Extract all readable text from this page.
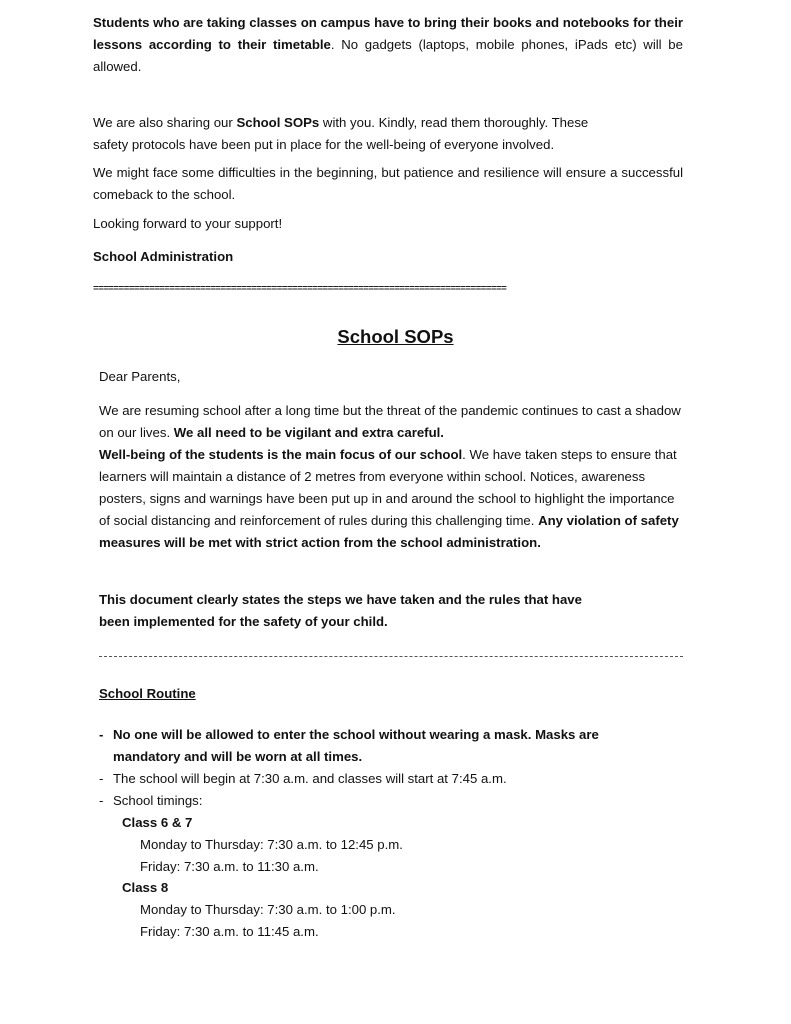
Students who are taking classes on campus have to bring their books and notebooks for their lessons according to their timetable. No gadgets (laptops, mobile phones, iPads etc) will be allowed.
We are also sharing our School SOPs with you. Kindly, read them thoroughly. These
safety protocols have been put in place for the well-being of everyone involved.
We might face some difficulties in the beginning, but patience and resilience will ensure a successful comeback to the school.
Looking forward to your support!
School Administration
=================================================================================
School SOPs
Dear Parents,
We are resuming school after a long time but the threat of the pandemic continues to cast a shadow on our lives. We all need to be vigilant and extra careful.
Well-being of the students is the main focus of our school. We have taken steps to ensure that learners will maintain a distance of 2 metres from everyone within school. Notices, awareness posters, signs and warnings have been put up in and around the school to highlight the importance of social distancing and reinforcement of rules during this challenging time. Any violation of safety measures will be met with strict action from the school administration.
This document clearly states the steps we have taken and the rules that have
been implemented for the safety of your child.
School Routine
- No one will be allowed to enter the school without wearing a mask. Masks are
mandatory and will be worn at all times.
- The school will begin at 7:30 a.m. and classes will start at 7:45 a.m.
- School timings:
Class 6 & 7
Monday to Thursday: 7:30 a.m. to 12:45 p.m.
Friday: 7:30 a.m. to 11:30 a.m.
Class 8
Monday to Thursday: 7:30 a.m. to 1:00 p.m.
Friday: 7:30 a.m. to 11:45 a.m.
